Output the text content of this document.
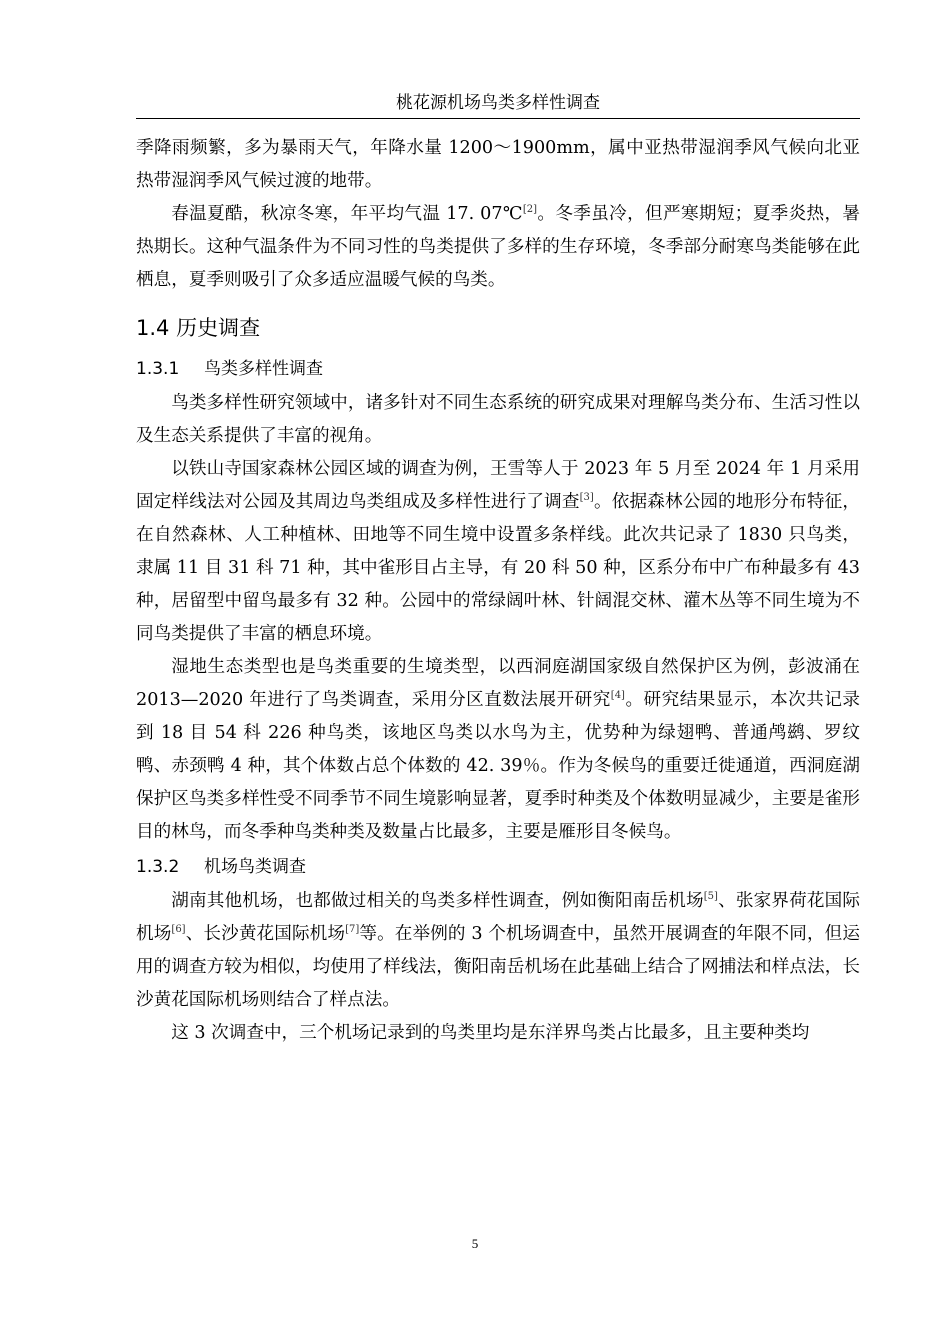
桃花源机场鸟类多样性调查

季降雨频繁，多为暴雨天气，年降水量 1200～1900mm，属中亚热带湿润季风气候向北亚热带湿润季风气候过渡的地带。

春温夏酷，秋凉冬寒，年平均气温 17. 07℃[2]。冬季虽冷，但严寒期短；夏季炎热，暑热期长。这种气温条件为不同习性的鸟类提供了多样的生存环境，冬季部分耐寒鸟类能够在此栖息，夏季则吸引了众多适应温暖气候的鸟类。

1.4 历史调查
1.3.1 鸟类多样性调查

鸟类多样性研究领域中，诸多针对不同生态系统的研究成果对理解鸟类分布、生活习性以及生态关系提供了丰富的视角。

以铁山寺国家森林公园区域的调查为例，王雪等人于 2023 年 5 月至 2024 年 1 月采用固定样线法对公园及其周边鸟类组成及多样性进行了调查[3]。依据森林公园的地形分布特征，在自然森林、人工种植林、田地等不同生境中设置多条样线。此次共记录了 1830 只鸟类，隶属 11 目 31 科 71 种，其中雀形目占主导，有 20 科 50 种，区系分布中广布种最多有 43 种，居留型中留鸟最多有 32 种。公园中的常绿阔叶林、针阔混交林、灌木丛等不同生境为不同鸟类提供了丰富的栖息环境。

湿地生态类型也是鸟类重要的生境类型，以西洞庭湖国家级自然保护区为例，彭波涌在 2013—2020 年进行了鸟类调查，采用分区直数法展开研究[4]。研究结果显示，本次共记录到 18 目 54 科 226 种鸟类，该地区鸟类以水鸟为主，优势种为绿翅鸭、普通鸬鹚、罗纹鸭、赤颈鸭 4 种，其个体数占总个体数的 42. 39％。作为冬候鸟的重要迁徙通道，西洞庭湖保护区鸟类多样性受不同季节不同生境影响显著，夏季时种类及个体数明显减少，主要是雀形目的林鸟，而冬季种鸟类种类及数量占比最多，主要是雁形目冬候鸟。

1.3.2 机场鸟类调查

湖南其他机场，也都做过相关的鸟类多样性调查，例如衡阳南岳机场[5]、张家界荷花国际机场[6]、长沙黄花国际机场[7]等。在举例的 3 个机场调查中，虽然开展调查的年限不同，但运用的调查方较为相似，均使用了样线法，衡阳南岳机场在此基础上结合了网捕法和样点法，长沙黄花国际机场则结合了样点法。

这 3 次调查中，三个机场记录到的鸟类里均是东洋界鸟类占比最多，且主要种类均

5
